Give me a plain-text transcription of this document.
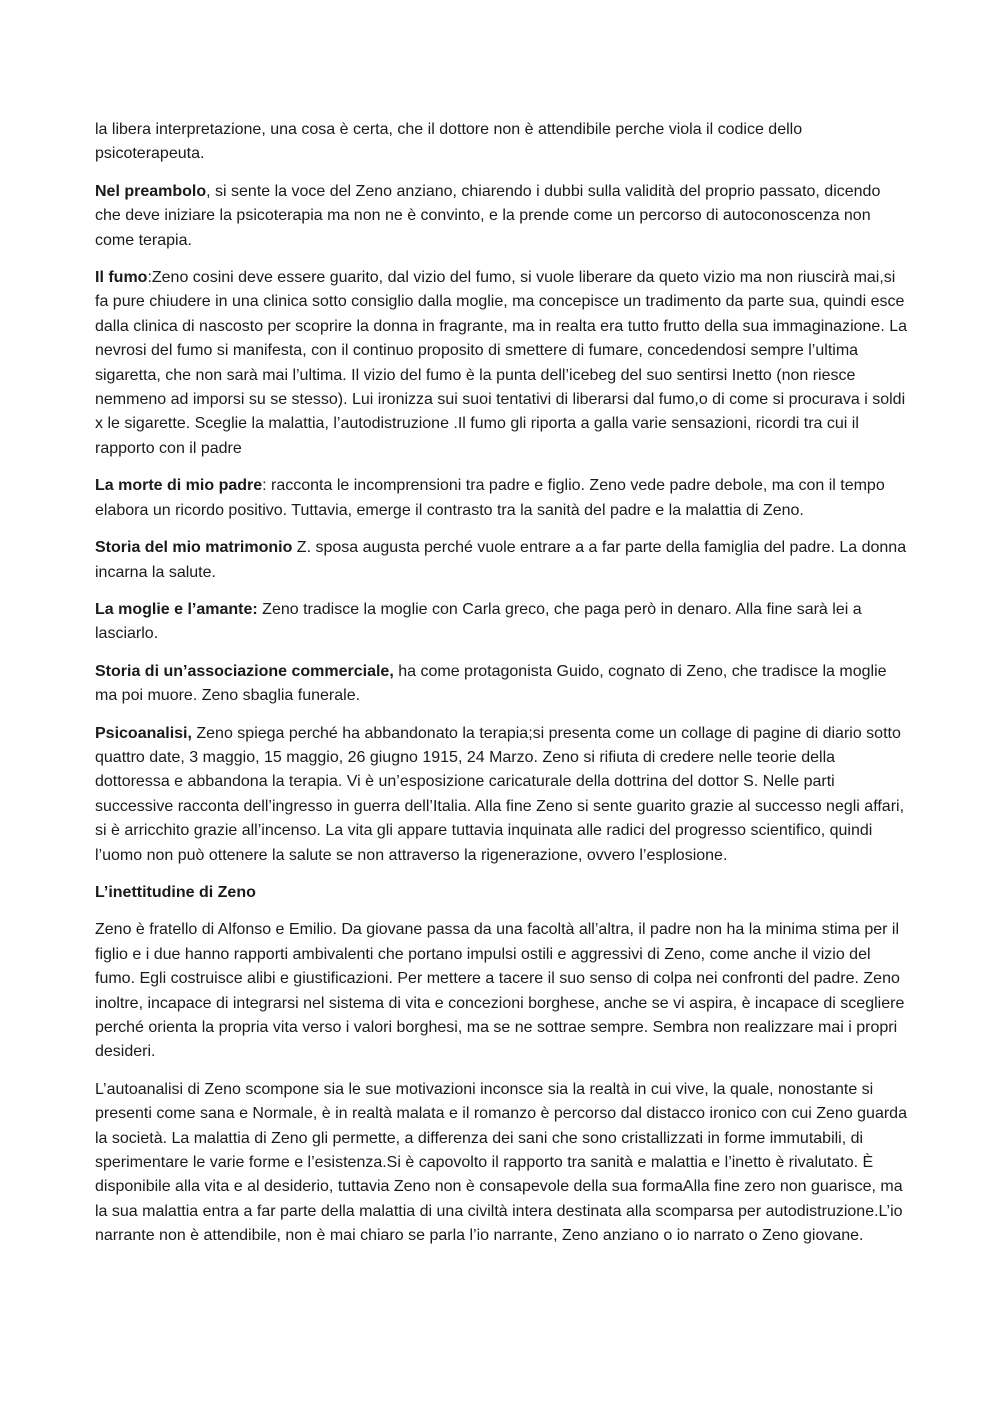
la libera interpretazione, una cosa è certa, che il dottore non è attendibile perche viola il codice dello psicoterapeuta.

Nel preambolo, si sente la voce del Zeno anziano, chiarendo i dubbi sulla validità del proprio passato, dicendo che deve iniziare la psicoterapia ma non ne è convinto, e la prende come un percorso di autoconoscenza non come terapia.

Il fumo:Zeno cosini deve essere guarito, dal vizio del fumo, si vuole liberare da queto vizio ma non riuscirà mai,si fa pure chiudere in una clinica sotto consiglio dalla moglie, ma concepisce un tradimento da parte sua, quindi esce dalla clinica di nascosto per scoprire la donna in fragrante, ma in realta era tutto frutto della sua immaginazione. La nevrosi del fumo si manifesta, con il continuo proposito di smettere di fumare, concedendosi sempre l’ultima sigaretta, che non sarà mai l’ultima. Il vizio del fumo è la punta dell’icebeg del suo sentirsi Inetto (non riesce nemmeno ad imporsi su se stesso). Lui ironizza sui suoi tentativi di liberarsi dal fumo,o di come si procurava i soldi x le sigarette. Sceglie la malattia, l’autodistruzione .Il fumo gli riporta a galla varie sensazioni, ricordi tra cui il rapporto con il padre

La morte di mio padre: racconta le incomprensioni tra padre e figlio. Zeno vede padre debole, ma con il tempo elabora un ricordo positivo. Tuttavia, emerge il contrasto tra la sanità del padre e la malattia di Zeno.

Storia del mio matrimonio Z. sposa augusta perché vuole entrare a a far parte della famiglia del padre. La donna incarna la salute.

La moglie e l’amante: Zeno tradisce la moglie con Carla greco, che paga però in denaro. Alla fine sarà lei a lasciarlo.

Storia di un’associazione commerciale, ha come protagonista Guido, cognato di Zeno, che tradisce la moglie ma poi muore. Zeno sbaglia funerale.

Psicoanalisi, Zeno spiega perché ha abbandonato la terapia;si presenta come un collage di pagine di diario sotto quattro date, 3 maggio, 15 maggio, 26 giugno 1915, 24 Marzo. Zeno si rifiuta di credere nelle teorie della dottoressa e abbandona la terapia. Vi è un’esposizione caricaturale della dottrina del dottor S. Nelle parti successive racconta dell’ingresso in guerra dell’Italia. Alla fine Zeno si sente guarito grazie al successo negli affari, si è arricchito grazie all’incenso. La vita gli appare tuttavia inquinata alle radici del progresso scientifico, quindi l’uomo non può ottenere la salute se non attraverso la rigenerazione, ovvero l’esplosione.

L’inettitudine di Zeno

Zeno è fratello di Alfonso e Emilio. Da giovane passa da una facoltà all’altra, il padre non ha la minima stima per il figlio e i due hanno rapporti ambivalenti che portano impulsi ostili e aggressivi di Zeno, come anche il vizio del fumo. Egli costruisce alibi e giustificazioni. Per mettere a tacere il suo senso di colpa nei confronti del padre. Zeno inoltre, incapace di integrarsi nel sistema di vita e concezioni borghese, anche se vi aspira, è incapace di scegliere perché orienta la propria vita verso i valori borghesi, ma se ne sottrae sempre. Sembra non realizzare mai i propri desideri.

L’autoanalisi di Zeno scompone sia le sue motivazioni inconsce sia la realtà in cui vive, la quale, nonostante si presenti come sana e Normale, è in realtà malata e il romanzo è percorso dal distacco ironico con cui Zeno guarda la società. La malattia di Zeno gli permette, a differenza dei sani che sono cristallizzati in forme immutabili, di sperimentare le varie forme e l’esistenza.Si è capovolto il rapporto tra sanità e malattia e l’inetto è rivalutato. È disponibile alla vita e al desiderio, tuttavia Zeno non è consapevole della sua formaAlla fine zero non guarisce, ma la sua malattia entra a far parte della malattia di una civiltà intera destinata alla scomparsa per autodistruzione.L’io narrante non è attendibile, non è mai chiaro se parla l’io narrante, Zeno anziano o io narrato o Zeno giovane.
